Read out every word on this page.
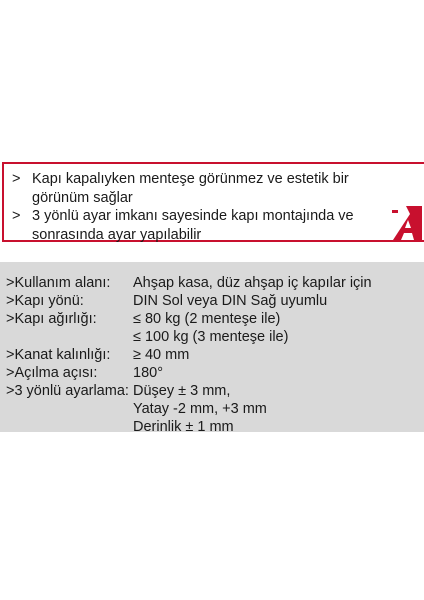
> Kapı kapalıyken menteşe görünmez ve estetik bir
görünüm sağlar
> 3 yönlü ayar imkanı sayesinde kapı montajında ve
sonrasında ayar yapılabilir
>Kullanım alanı: Ahşap kasa, düz ahşap iç kapılar için
>Kapı yönü:	DIN Sol veya DIN Sağ uyumlu
>Kapı ağırlığı:	≤ 80 kg (2 menteşe ile)
≤ 100 kg (3 menteşe ile)
>Kanat kalınlığı: ≥ 40 mm
>Açılma açısı: 180°
>3 yönlü ayarlama: Düşey ± 3 mm,
Yatay -2 mm, +3 mm
Derinlik ± 1 mm
